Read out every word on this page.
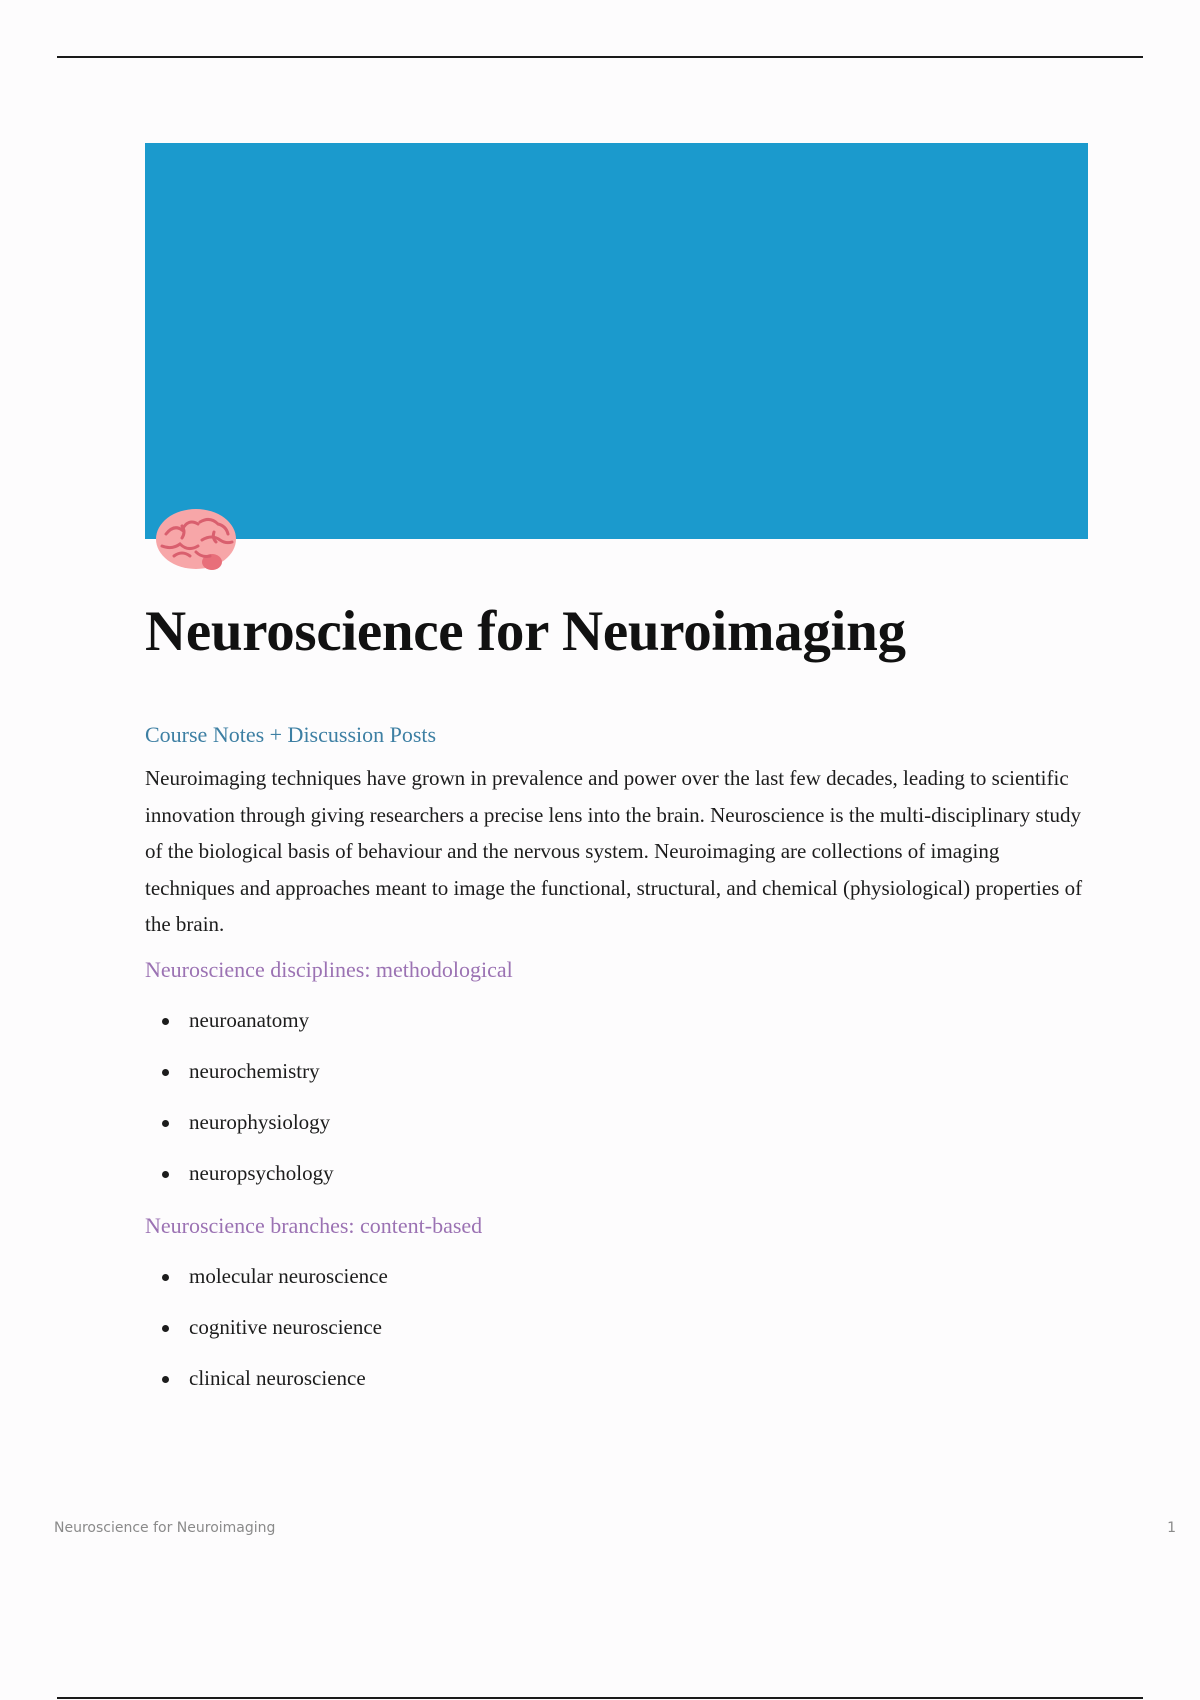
Neuroscience for Neuroimaging

Course Notes + Discussion Posts

Neuroimaging techniques have grown in prevalence and power over the last few decades, leading to scientific innovation through giving researchers a precise lens into the brain. Neuroscience is the multi-disciplinary study of the biological basis of behaviour and the nervous system. Neuroimaging are collections of imaging techniques and approaches meant to image the functional, structural, and chemical (physiological) properties of the brain.

Neuroscience disciplines: methodological

neuroanatomy
neurochemistry
neurophysiology
neuropsychology

Neuroscience branches: content-based

molecular neuroscience
cognitive neuroscience
clinical neuroscience
Neuroscience for Neuroimaging	1
